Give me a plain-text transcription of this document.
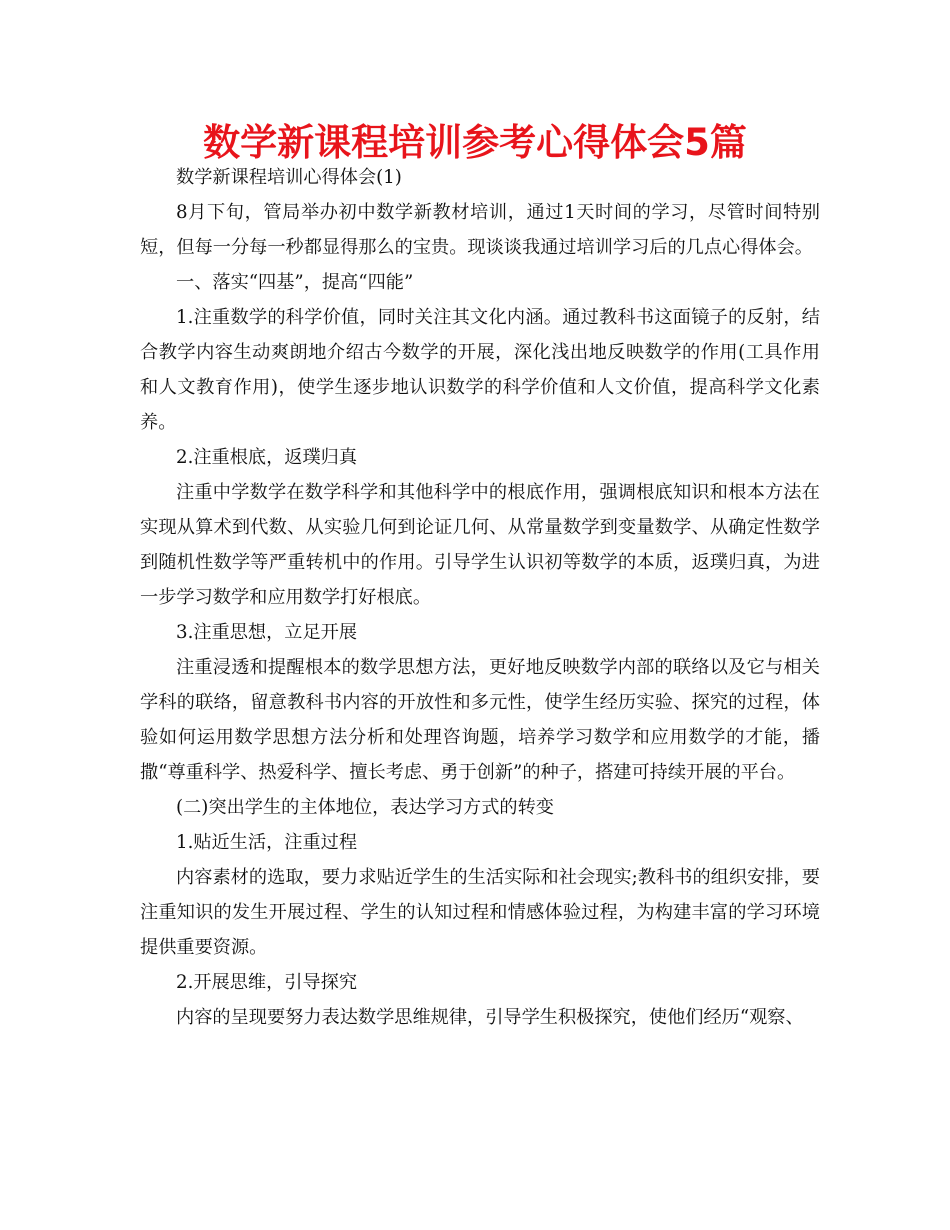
数学新课程培训参考心得体会5篇

数学新课程培训心得体会(1)

8月下旬，管局举办初中数学新教材培训，通过1天时间的学习，尽管时间特别短，但每一分每一秒都显得那么的宝贵。现谈谈我通过培训学习后的几点心得体会。

一、落实“四基”，提高“四能”

1.注重数学的科学价值，同时关注其文化内涵。通过教科书这面镜子的反射，结合教学内容生动爽朗地介绍古今数学的开展，深化浅出地反映数学的作用(工具作用和人文教育作用)，使学生逐步地认识数学的科学价值和人文价值，提高科学文化素养。

2.注重根底，返璞归真

注重中学数学在数学科学和其他科学中的根底作用，强调根底知识和根本方法在实现从算术到代数、从实验几何到论证几何、从常量数学到变量数学、从确定性数学到随机性数学等严重转机中的作用。引导学生认识初等数学的本质，返璞归真，为进一步学习数学和应用数学打好根底。

3.注重思想，立足开展

注重浸透和提醒根本的数学思想方法，更好地反映数学内部的联络以及它与相关学科的联络，留意教科书内容的开放性和多元性，使学生经历实验、探究的过程，体验如何运用数学思想方法分析和处理咨询题，培养学习数学和应用数学的才能，播撒“尊重科学、热爱科学、擅长考虑、勇于创新”的种子，搭建可持续开展的平台。

(二)突出学生的主体地位，表达学习方式的转变

1.贴近生活，注重过程

内容素材的选取，要力求贴近学生的生活实际和社会现实;教科书的组织安排，要注重知识的发生开展过程、学生的认知过程和情感体验过程，为构建丰富的学习环境提供重要资源。

2.开展思维，引导探究

内容的呈现要努力表达数学思维规律，引导学生积极探究，使他们经历“观察、
